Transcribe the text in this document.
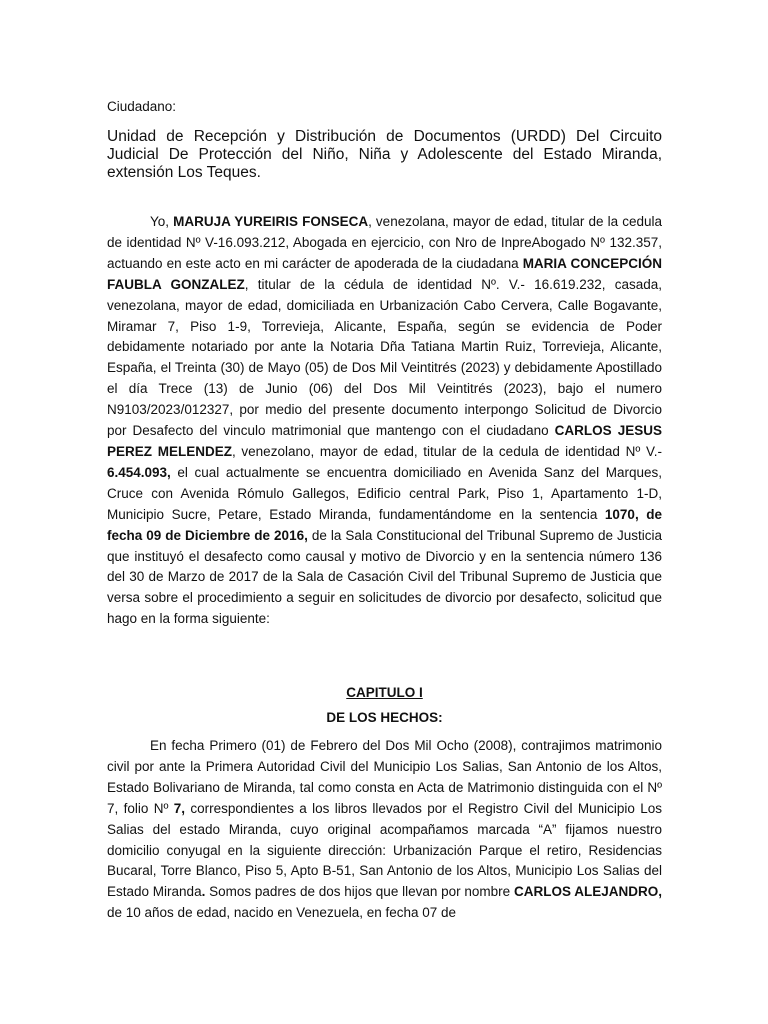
Ciudadano:
Unidad de Recepción y Distribución de Documentos (URDD) Del Circuito Judicial De Protección del Niño, Niña y Adolescente del Estado Miranda, extensión Los Teques.

Yo, MARUJA YUREIRIS FONSECA, venezolana, mayor de edad, titular de la cedula de identidad Nº V-16.093.212, Abogada en ejercicio, con Nro de InpreAbogado Nº 132.357, actuando en este acto en mi carácter de apoderada de la ciudadana MARIA CONCEPCIÓN FAUBLA GONZALEZ, titular de la cédula de identidad Nº. V.- 16.619.232, casada, venezolana, mayor de edad, domiciliada en Urbanización Cabo Cervera, Calle Bogavante, Miramar 7, Piso 1-9, Torrevieja, Alicante, España, según se evidencia de Poder debidamente notariado por ante la Notaria Dña Tatiana Martin Ruiz, Torrevieja, Alicante, España, el Treinta (30) de Mayo (05) de Dos Mil Veintitrés (2023) y debidamente Apostillado el día Trece (13) de Junio (06) del Dos Mil Veintitrés (2023), bajo el numero N9103/2023/012327, por medio del presente documento interpongo Solicitud de Divorcio por Desafecto del vinculo matrimonial que mantengo con el ciudadano CARLOS JESUS PEREZ MELENDEZ, venezolano, mayor de edad, titular de la cedula de identidad Nº V.- 6.454.093, el cual actualmente se encuentra domiciliado en Avenida Sanz del Marques, Cruce con Avenida Rómulo Gallegos, Edificio central Park, Piso 1, Apartamento 1-D, Municipio Sucre, Petare, Estado Miranda, fundamentándome en la sentencia 1070, de fecha 09 de Diciembre de 2016, de la Sala Constitucional del Tribunal Supremo de Justicia que instituyó el desafecto como causal y motivo de Divorcio y en la sentencia número 136 del 30 de Marzo de 2017 de la Sala de Casación Civil del Tribunal Supremo de Justicia que versa sobre el procedimiento a seguir en solicitudes de divorcio por desafecto, solicitud que hago en la forma siguiente:

CAPITULO I
DE LOS HECHOS:

En fecha Primero (01) de Febrero del Dos Mil Ocho (2008), contrajimos matrimonio civil por ante la Primera Autoridad Civil del Municipio Los Salias, San Antonio de los Altos, Estado Bolivariano de Miranda, tal como consta en Acta de Matrimonio distinguida con el Nº 7, folio Nº 7, correspondientes a los libros llevados por el Registro Civil del Municipio Los Salias del estado Miranda, cuyo original acompañamos marcada “A” fijamos nuestro domicilio conyugal en la siguiente dirección: Urbanización Parque el retiro, Residencias Bucaral, Torre Blanco, Piso 5, Apto B-51, San Antonio de los Altos, Municipio Los Salias del Estado Miranda. Somos padres de dos hijos que llevan por nombre CARLOS ALEJANDRO, de 10 años de edad, nacido en Venezuela, en fecha 07 de
